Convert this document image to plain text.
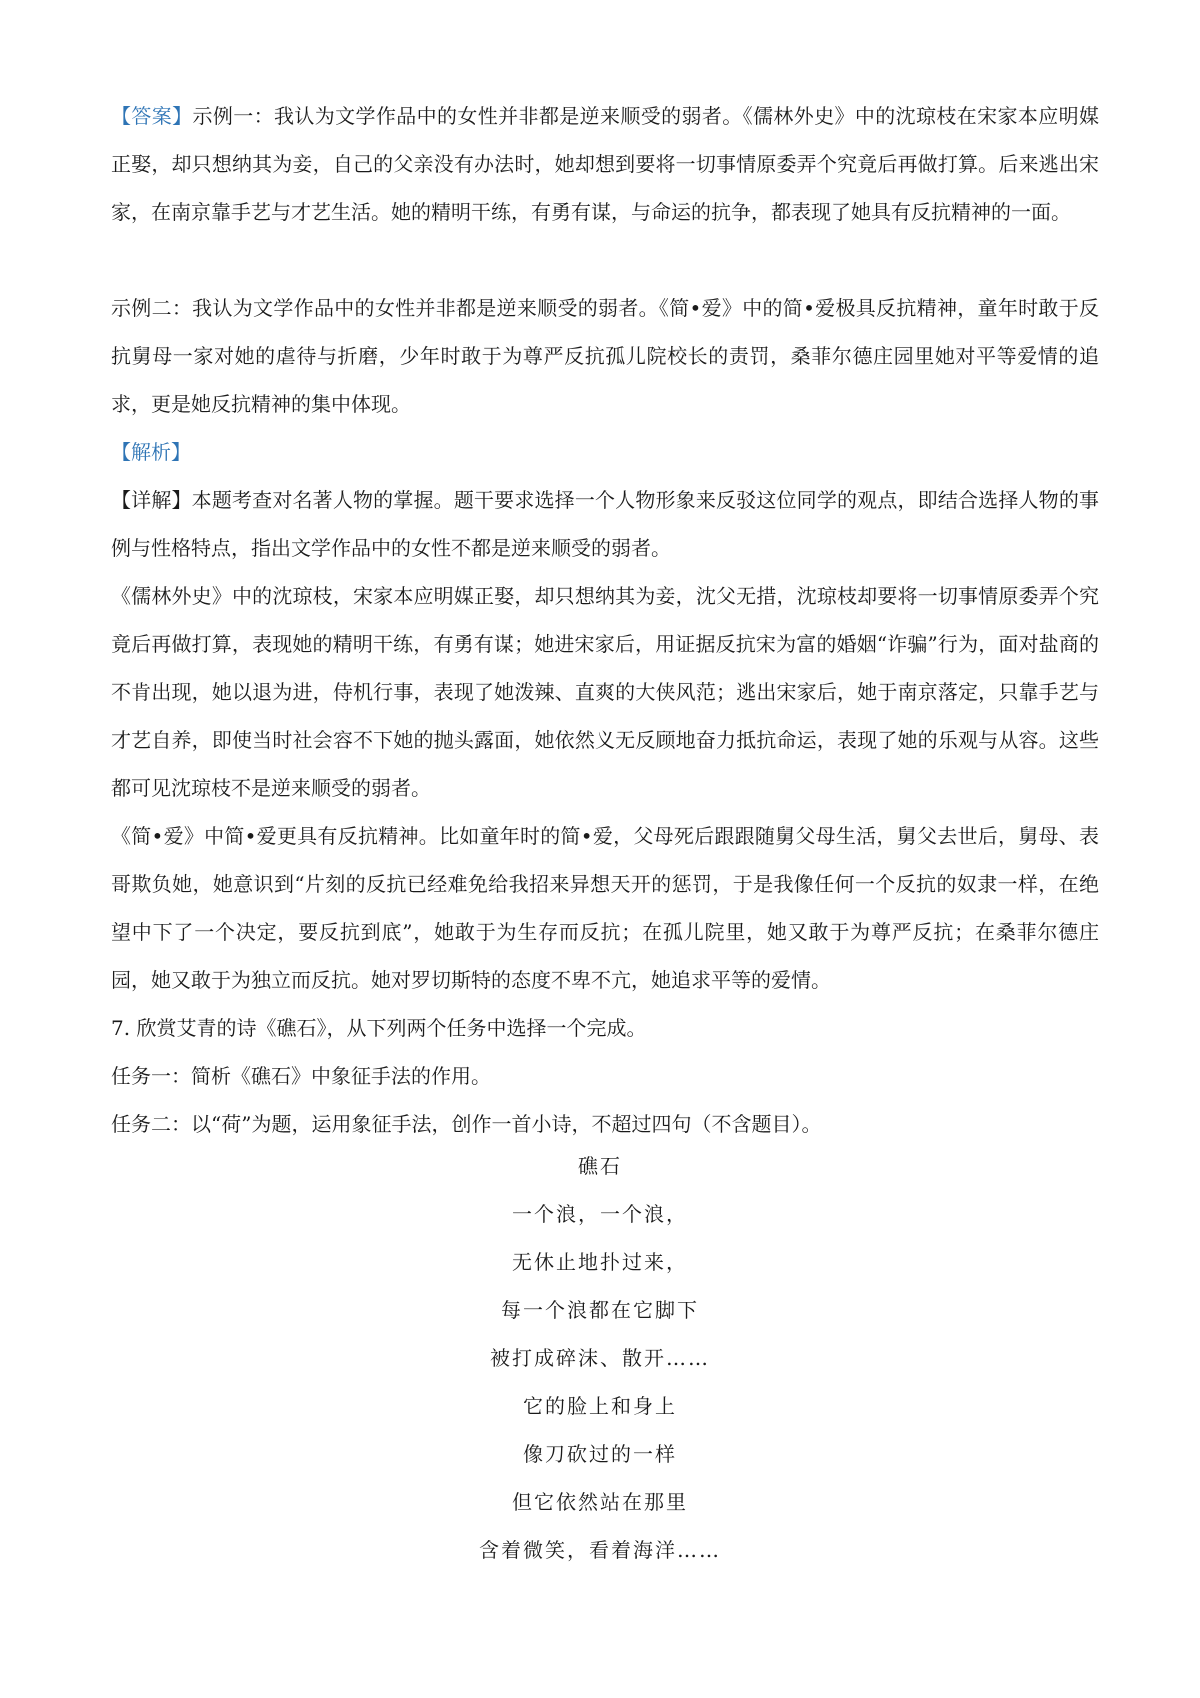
【答案】示例一：我认为文学作品中的女性并非都是逆来顺受的弱者。《儒林外史》中的沈琼枝在宋家本应明媒正娶，却只想纳其为妾，自己的父亲没有办法时，她却想到要将一切事情原委弄个究竟后再做打算。后来逃出宋家，在南京靠手艺与才艺生活。她的精明干练，有勇有谋，与命运的抗争，都表现了她具有反抗精神的一面。

示例二：我认为文学作品中的女性并非都是逆来顺受的弱者。《简•爱》中的简•爱极具反抗精神，童年时敢于反抗舅母一家对她的虐待与折磨，少年时敢于为尊严反抗孤儿院校长的责罚，桑菲尔德庄园里她对平等爱情的追求，更是她反抗精神的集中体现。

【解析】

【详解】本题考查对名著人物的掌握。题干要求选择一个人物形象来反驳这位同学的观点，即结合选择人物的事例与性格特点，指出文学作品中的女性不都是逆来顺受的弱者。

《儒林外史》中的沈琼枝，宋家本应明媒正娶，却只想纳其为妾，沈父无措，沈琼枝却要将一切事情原委弄个究竟后再做打算，表现她的精明干练，有勇有谋；她进宋家后，用证据反抗宋为富的婚姻“诈骗”行为，面对盐商的不肯出现，她以退为进，侍机行事，表现了她泼辣、直爽的大侠风范；逃出宋家后，她于南京落定，只靠手艺与才艺自养，即使当时社会容不下她的抛头露面，她依然义无反顾地奋力抵抗命运，表现了她的乐观与从容。这些都可见沈琼枝不是逆来顺受的弱者。

《简•爱》中简•爱更具有反抗精神。比如童年时的简•爱，父母死后跟跟随舅父母生活，舅父去世后，舅母、表哥欺负她，她意识到“片刻的反抗已经难免给我招来异想天开的惩罚，于是我像任何一个反抗的奴隶一样，在绝望中下了一个决定，要反抗到底”，她敢于为生存而反抗；在孤儿院里，她又敢于为尊严反抗；在桑菲尔德庄园，她又敢于为独立而反抗。她对罗切斯特的态度不卑不亢，她追求平等的爱情。

7. 欣赏艾青的诗《礁石》，从下列两个任务中选择一个完成。

任务一：简析《礁石》中象征手法的作用。

任务二：以“荷”为题，运用象征手法，创作一首小诗，不超过四句（不含题目）。

礁石
一个浪，一个浪，
无休止地扑过来，
每一个浪都在它脚下
被打成碎沫、散开……
它的脸上和身上
像刀砍过的一样
但它依然站在那里
含着微笑，看着海洋……
